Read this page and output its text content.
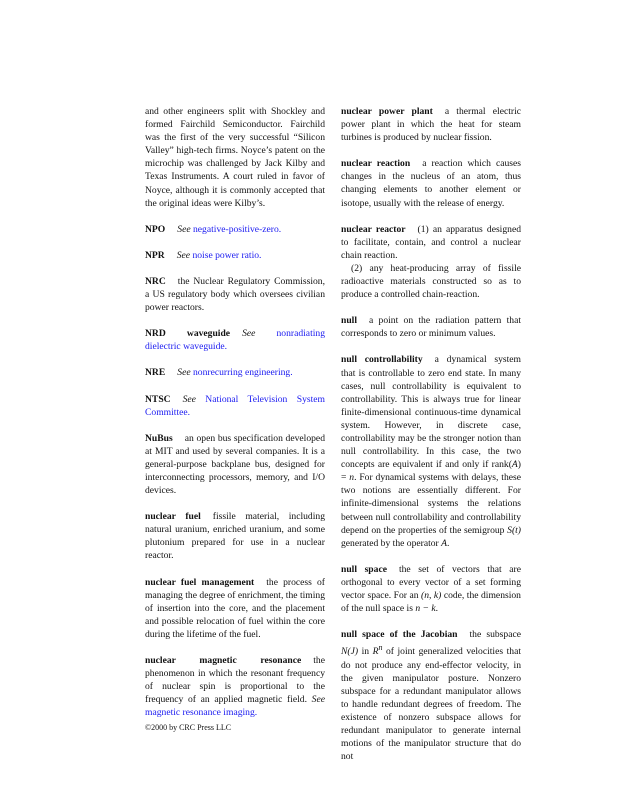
and other engineers split with Shockley and formed Fairchild Semiconductor. Fairchild was the first of the very successful “Silicon Valley” high-tech firms. Noyce’s patent on the microchip was challenged by Jack Kilby and Texas Instruments. A court ruled in favor of Noyce, although it is commonly accepted that the original ideas were Kilby’s.

NPO See negative-positive-zero.

NPR See noise power ratio.

NRC the Nuclear Regulatory Commission, a US regulatory body which oversees civilian power reactors.

NRD waveguide See nonradiating dielectric waveguide.

NRE See nonrecurring engineering.

NTSC See National Television System Committee.

NuBus an open bus specification developed at MIT and used by several companies. It is a general-purpose backplane bus, designed for interconnecting processors, memory, and I/O devices.

nuclear fuel fissile material, including natural uranium, enriched uranium, and some plutonium prepared for use in a nuclear reactor.

nuclear fuel management the process of managing the degree of enrichment, the timing of insertion into the core, and the placement and possible relocation of fuel within the core during the lifetime of the fuel.

nuclear magnetic resonance the phenomenon in which the resonant frequency of nuclear spin is proportional to the frequency of an applied magnetic field. See magnetic resonance imaging.

nuclear power plant a thermal electric power plant in which the heat for steam turbines is produced by nuclear fission.

nuclear reaction a reaction which causes changes in the nucleus of an atom, thus changing elements to another element or isotope, usually with the release of energy.

nuclear reactor (1) an apparatus designed to facilitate, contain, and control a nuclear chain reaction.

(2) any heat-producing array of fissile radioactive materials constructed so as to produce a controlled chain-reaction.

null a point on the radiation pattern that corresponds to zero or minimum values.

null controllability a dynamical system that is controllable to zero end state. In many cases, null controllability is equivalent to controllability. This is always true for linear finite-dimensional continuous-time dynamical system. However, in discrete case, controllability may be the stronger notion than null controllability. In this case, the two concepts are equivalent if and only if rank(A) = n. For dynamical systems with delays, these two notions are essentially different. For infinite-dimensional systems the relations between null controllability and controllability depend on the properties of the semigroup S(t) generated by the operator A.

null space the set of vectors that are orthogonal to every vector of a set forming vector space. For an (n, k) code, the dimension of the null space is n − k.

null space of the Jacobian the subspace N(J) in $R^n$ of joint generalized velocities that do not produce any end-effector velocity, in the given manipulator posture. Nonzero subspace for a redundant manipulator allows to handle redundant degrees of freedom. The existence of nonzero subspace allows for redundant manipulator to generate internal motions of the manipulator structure that do not

©2000 by CRC Press LLC
